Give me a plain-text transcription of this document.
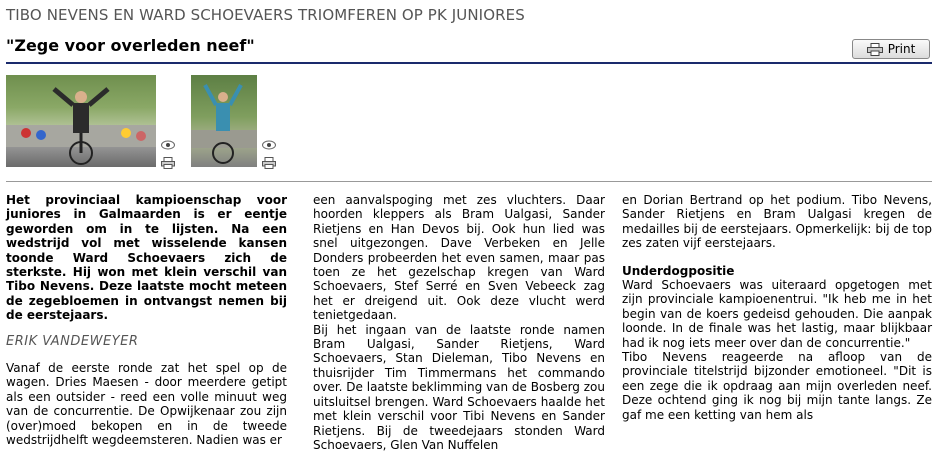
TIBO NEVENS EN WARD SCHOEVAERS TRIOMFEREN OP PK JUNIORES
"Zege voor overleden neef"	Print

Het provinciaal kampioenschap voor juniores in Galmaarden is er eentje geworden om in te lijsten. Na een wedstrijd vol met wisselende kansen toonde Ward Schoevaers zich de sterkste. Hij won met klein verschil van Tibo Nevens. Deze laatste mocht meteen de zegebloemen in ontvangst nemen bij de eerstejaars.

ERIK VANDEWEYER

Vanaf de eerste ronde zat het spel op de wagen. Dries Maesen - door meerdere getipt als een outsider - reed een volle minuut weg van de concurrentie. De Opwijkenaar zou zijn (over)moed bekopen en in de tweede wedstrijdhelft wegdeemsteren. Nadien was er

een aanvalspoging met zes vluchters. Daar hoorden kleppers als Bram Ualgasi, Sander Rietjens en Han Devos bij. Ook hun lied was snel uitgezongen. Dave Verbeken en Jelle Donders probeerden het even samen, maar pas toen ze het gezelschap kregen van Ward Schoevaers, Stef Serré en Sven Vebeeck zag het er dreigend uit. Ook deze vlucht werd tenietgedaan.

Bij het ingaan van de laatste ronde namen Bram Ualgasi, Sander Rietjens, Ward Schoevaers, Stan Dieleman, Tibo Nevens en thuisrijder Tim Timmermans het commando over. De laatste beklimming van de Bosberg zou uitsluitsel brengen. Ward Schoevaers haalde het met klein verschil voor Tibi Nevens en Sander Rietjens. Bij de tweedejaars stonden Ward Schoevaers, Glen Van Nuffelen

en Dorian Bertrand op het podium. Tibo Nevens, Sander Rietjens en Bram Ualgasi kregen de medailles bij de eerstejaars. Opmerkelijk: bij de top zes zaten vijf eerstejaars.

Underdogpositie

Ward Schoevaers was uiteraard opgetogen met zijn provinciale kampioenentrui. "Ik heb me in het begin van de koers gedeisd gehouden. Die aanpak loonde. In de finale was het lastig, maar blijkbaar had ik nog iets meer over dan de concurrentie."

Tibo Nevens reageerde na afloop van de provinciale titelstrijd bijzonder emotioneel. "Dit is een zege die ik opdraag aan mijn overleden neef. Deze ochtend ging ik nog bij mijn tante langs. Ze gaf me een ketting van hem als
